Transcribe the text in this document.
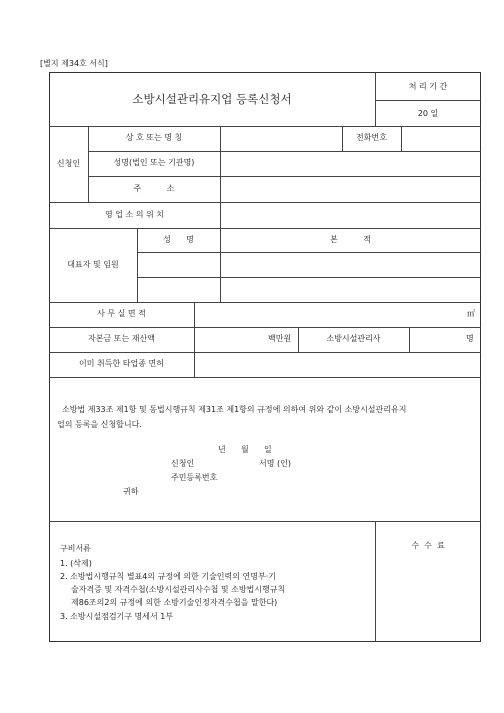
[별지 제34호 서식]
소방시설관리유지업 등록신청서
처 리 기 간
20 일
신청인
상 호 또는 명 칭	전화번호
성명(법인 또는 기관명)
주          소
영 업 소 의 위 치
대표자 및 임원
성      명	본          적
사 무 실 면 적	㎡
자본금 또는 재산액	백만원	소방시설관리사	명
이미 취득한 타업종 면허
소방법 제33조 제1항 및 동법시행규칙 제31조 제1항의 규정에 의하여 위와 같이 소방시설관리유지
업의 등록을 신청합니다.
년      월      일
신청인	서명 (인)
주민등록번호
귀하
구비서류
1. (삭제)
2. 소방법시행규칙 별표4의 규정에 의한 기술인력의 연명부·기
술자격증 및 자격수첩(소방시설관리사수첩 및 소방법시행규칙
제86조의2의 규정에 의한 소방기술인정자격수첩을 말한다)
3. 소방시설점검기구 명세서 1부
수  수  료
